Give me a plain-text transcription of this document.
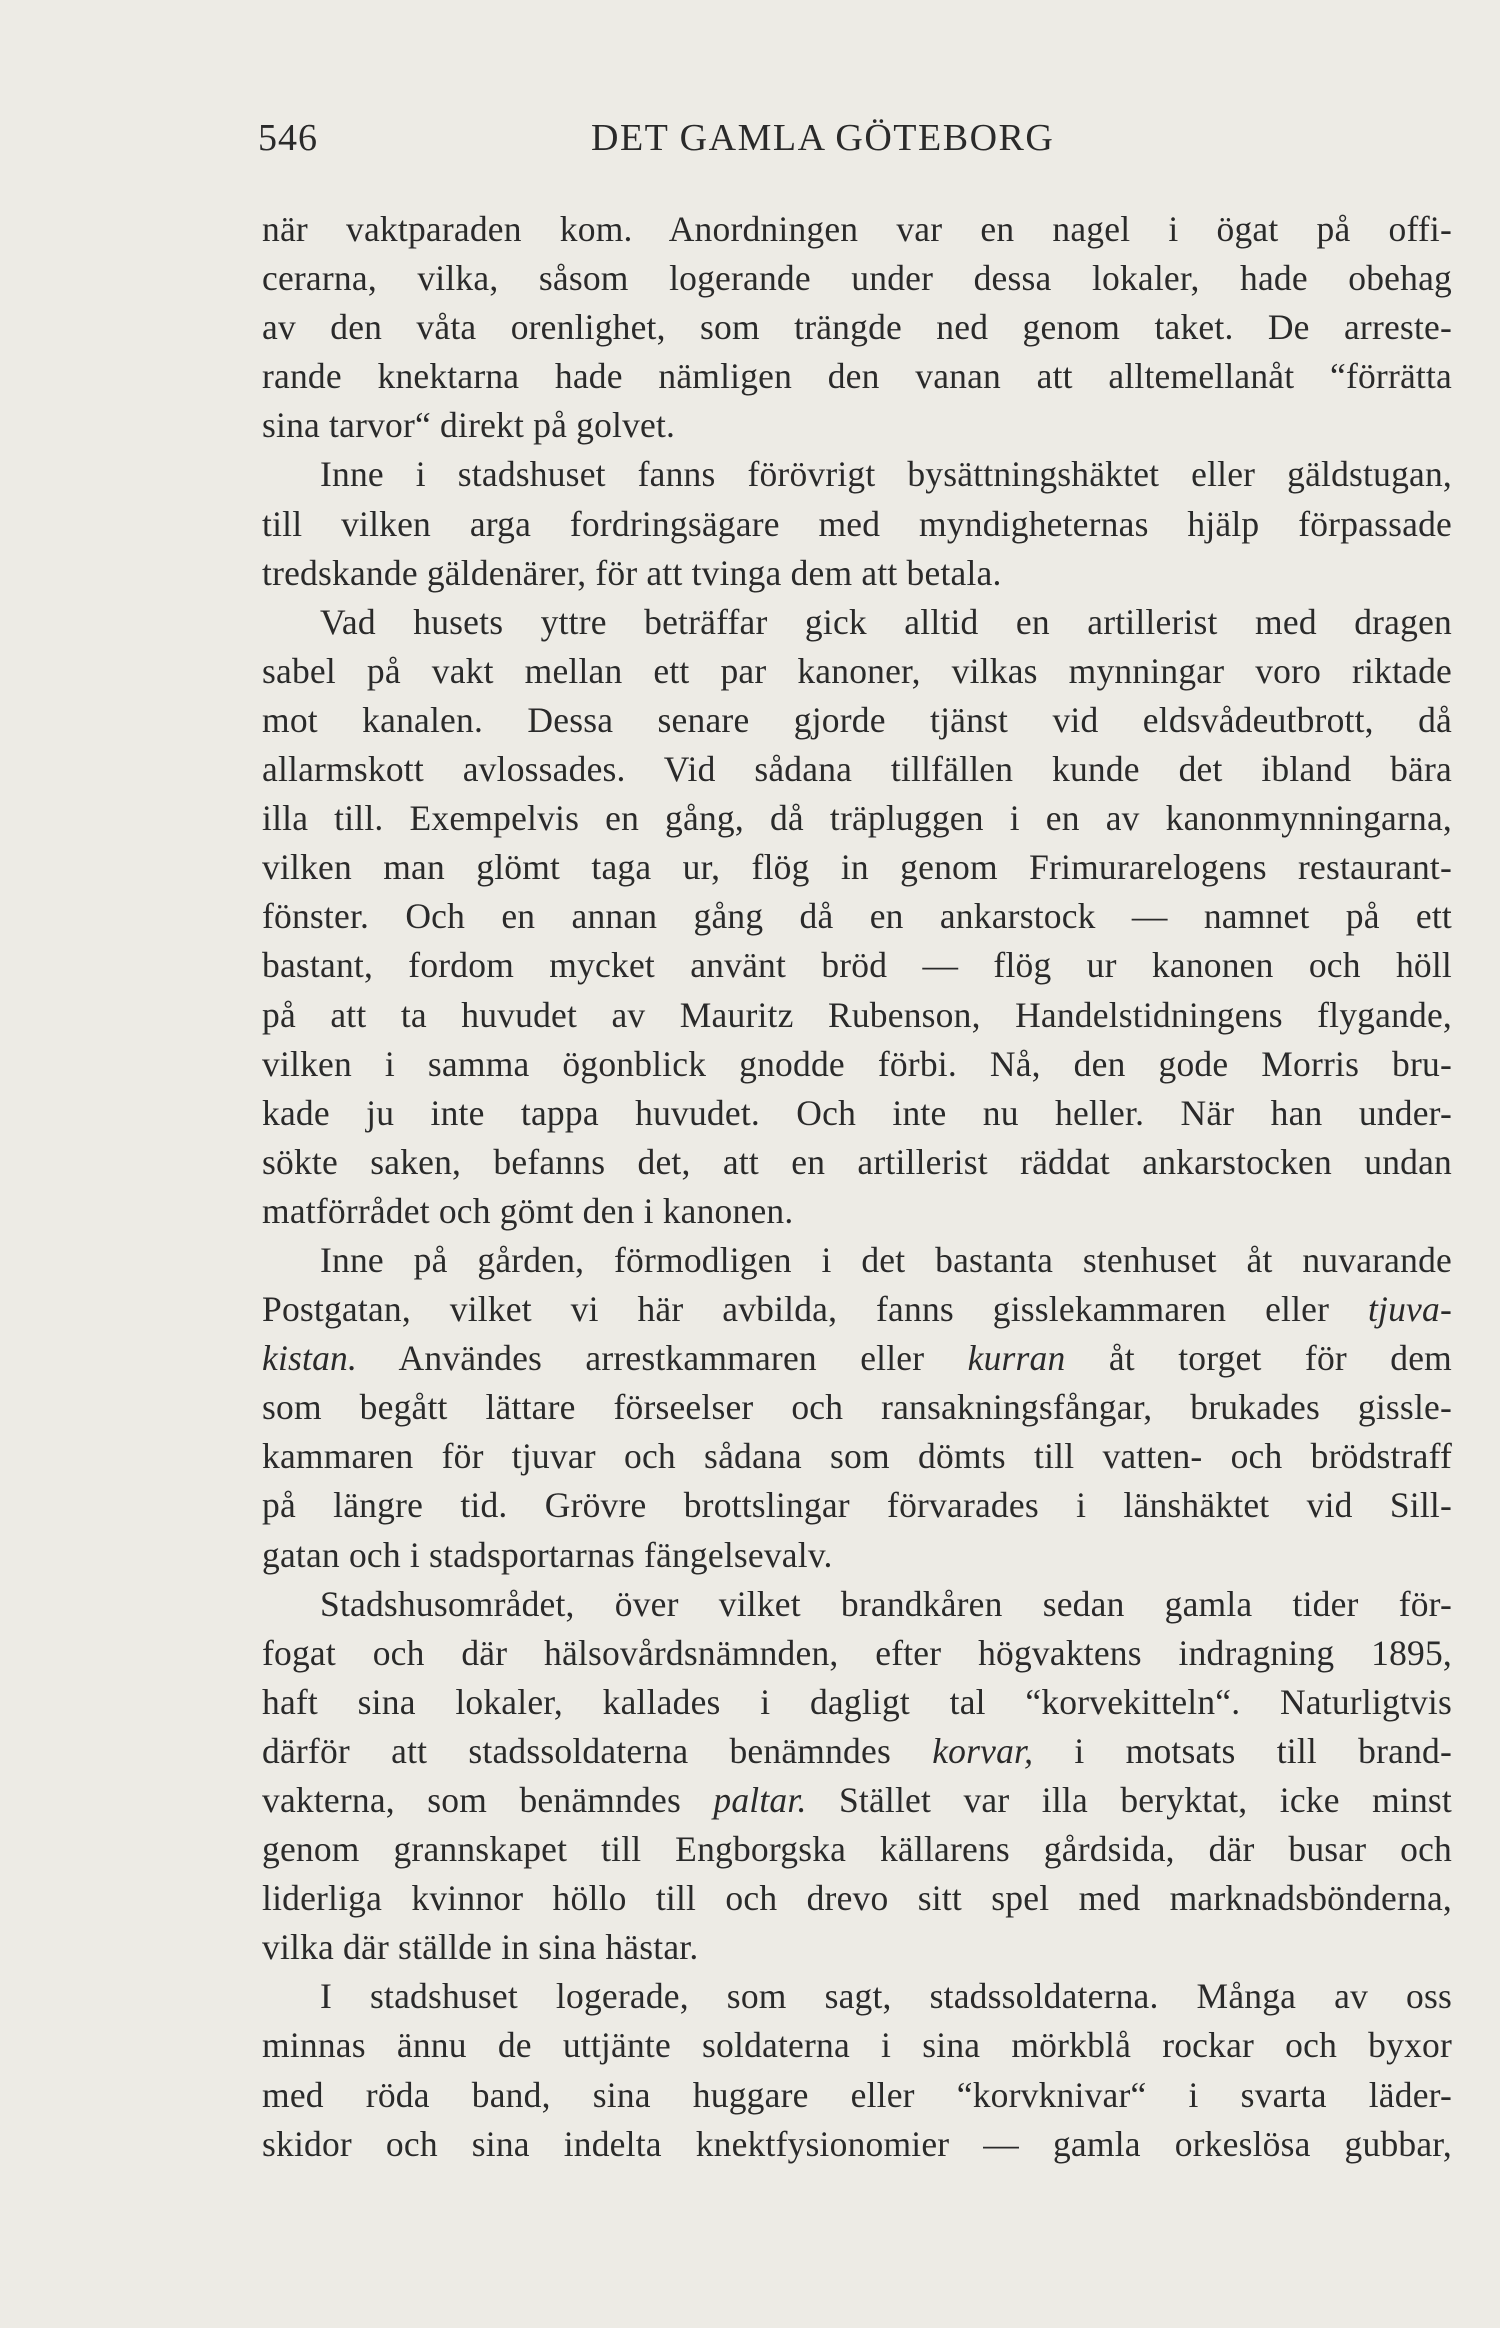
546	DET GAMLA GÖTEBORG
när vaktparaden kom. Anordningen var en nagel i ögat på offi-
cerarna, vilka, såsom logerande under dessa lokaler, hade obehag
av den våta orenlighet, som trängde ned genom taket. De arreste-
rande knektarna hade nämligen den vanan att alltemellanåt “förrätta
sina tarvor“ direkt på golvet.
Inne i stadshuset fanns förövrigt bysättningshäktet eller gäldstugan,
till vilken arga fordringsägare med myndigheternas hjälp förpassade
tredskande gäldenärer, för att tvinga dem att betala.
Vad husets yttre beträffar gick alltid en artillerist med dragen
sabel på vakt mellan ett par kanoner, vilkas mynningar voro riktade
mot kanalen. Dessa senare gjorde tjänst vid eldsvådeutbrott, då
allarmskott avlossades. Vid sådana tillfällen kunde det ibland bära
illa till. Exempelvis en gång, då träpluggen i en av kanonmynningarna,
vilken man glömt taga ur, flög in genom Frimurarelogens restaurant-
fönster. Och en annan gång då en ankarstock — namnet på ett
bastant, fordom mycket använt bröd — flög ur kanonen och höll
på att ta huvudet av Mauritz Rubenson, Handelstidningens flygande,
vilken i samma ögonblick gnodde förbi. Nå, den gode Morris bru-
kade ju inte tappa huvudet. Och inte nu heller. När han under-
sökte saken, befanns det, att en artillerist räddat ankarstocken undan
matförrådet och gömt den i kanonen.
Inne på gården, förmodligen i det bastanta stenhuset åt nuvarande
Postgatan, vilket vi här avbilda, fanns gisslekammaren eller tjuva-
kistan. Användes arrestkammaren eller kurran åt torget för dem
som begått lättare förseelser och ransakningsfångar, brukades gissle-
kammaren för tjuvar och sådana som dömts till vatten- och brödstraff
på längre tid. Grövre brottslingar förvarades i länshäktet vid Sill-
gatan och i stadsportarnas fängelsevalv.
Stadshusområdet, över vilket brandkåren sedan gamla tider för-
fogat och där hälsovårdsnämnden, efter högvaktens indragning 1895,
haft sina lokaler, kallades i dagligt tal “korvekitteln“. Naturligtvis
därför att stadssoldaterna benämndes korvar, i motsats till brand-
vakterna, som benämndes paltar. Stället var illa beryktat, icke minst
genom grannskapet till Engborgska källarens gårdsida, där busar och
liderliga kvinnor höllo till och drevo sitt spel med marknadsbönderna,
vilka där ställde in sina hästar.
I stadshuset logerade, som sagt, stadssoldaterna. Många av oss
minnas ännu de uttjänte soldaterna i sina mörkblå rockar och byxor
med röda band, sina huggare eller “korvknivar“ i svarta läder-
skidor och sina indelta knektfysionomier — gamla orkeslösa gubbar,
